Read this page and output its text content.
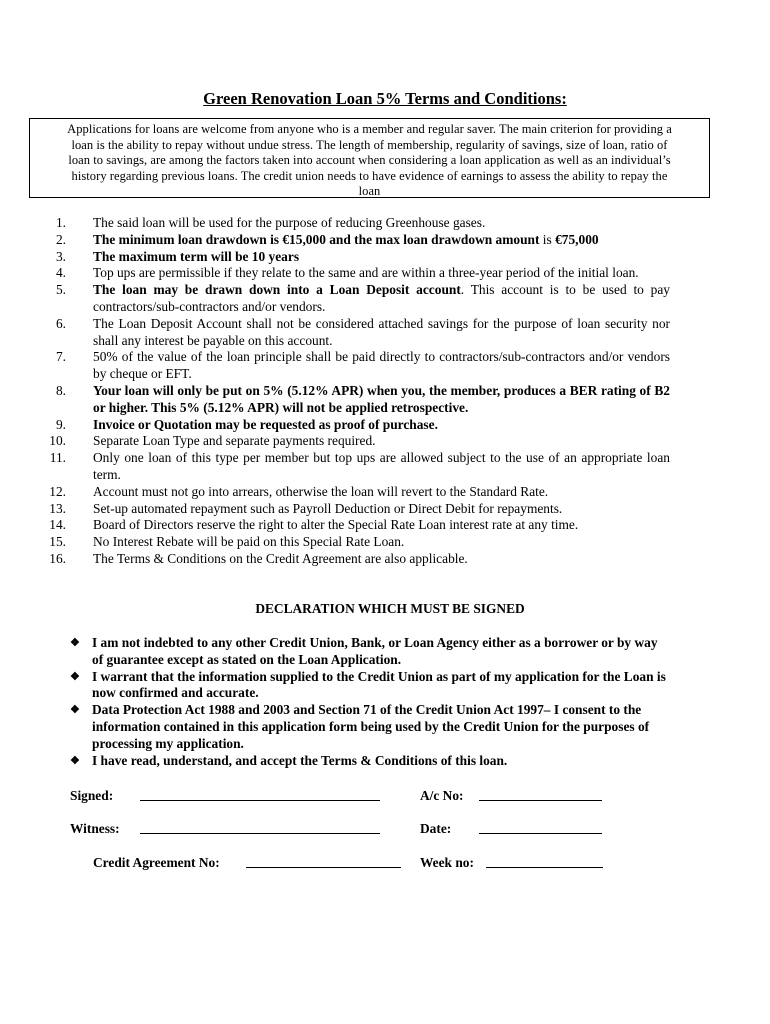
Green Renovation Loan 5% Terms and Conditions:
Applications for loans are welcome from anyone who is a member and regular saver. The main criterion for providing a loan is the ability to repay without undue stress. The length of membership, regularity of savings, size of loan, ratio of loan to savings, are among the factors taken into account when considering a loan application as well as an individual’s history regarding previous loans. The credit union needs to have evidence of earnings to assess the ability to repay the loan
1.	The said loan will be used for the purpose of reducing Greenhouse gases.
2.	The minimum loan drawdown is €15,000 and the max loan drawdown amount is €75,000
3.	The maximum term will be 10 years
4.	Top ups are permissible if they relate to the same and are within a three-year period of the initial loan.
5.	The loan may be drawn down into a Loan Deposit account. This account is to be used to pay contractors/sub-contractors and/or vendors.
6.	The Loan Deposit Account shall not be considered attached savings for the purpose of loan security nor shall any interest be payable on this account.
7.	50% of the value of the loan principle shall be paid directly to contractors/sub-contractors and/or vendors by cheque or EFT.
8.	Your loan will only be put on 5% (5.12% APR) when you, the member, produces a BER rating of B2 or higher. This 5% (5.12% APR) will not be applied retrospective.
9.	Invoice or Quotation may be requested as proof of purchase.
10.	Separate Loan Type and separate payments required.
11.	Only one loan of this type per member but top ups are allowed subject to the use of an appropriate loan term.
12.	Account must not go into arrears, otherwise the loan will revert to the Standard Rate.
13.	Set-up automated repayment such as Payroll Deduction or Direct Debit for repayments.
14.	Board of Directors reserve the right to alter the Special Rate Loan interest rate at any time.
15.	No Interest Rebate will be paid on this Special Rate Loan.
16.	The Terms & Conditions on the Credit Agreement are also applicable.
DECLARATION WHICH MUST BE SIGNED
❖ I am not indebted to any other Credit Union, Bank, or Loan Agency either as a borrower or by way of guarantee except as stated on the Loan Application.
❖ I warrant that the information supplied to the Credit Union as part of my application for the Loan is now confirmed and accurate.
❖ Data Protection Act 1988 and 2003 and Section 71 of the Credit Union Act 1997– I consent to the information contained in this application form being used by the Credit Union for the purposes of processing my application.
❖ I have read, understand, and accept the Terms & Conditions of this loan.
Signed:	A/c No:
Witness:	Date:
Credit Agreement No:	Week no:
